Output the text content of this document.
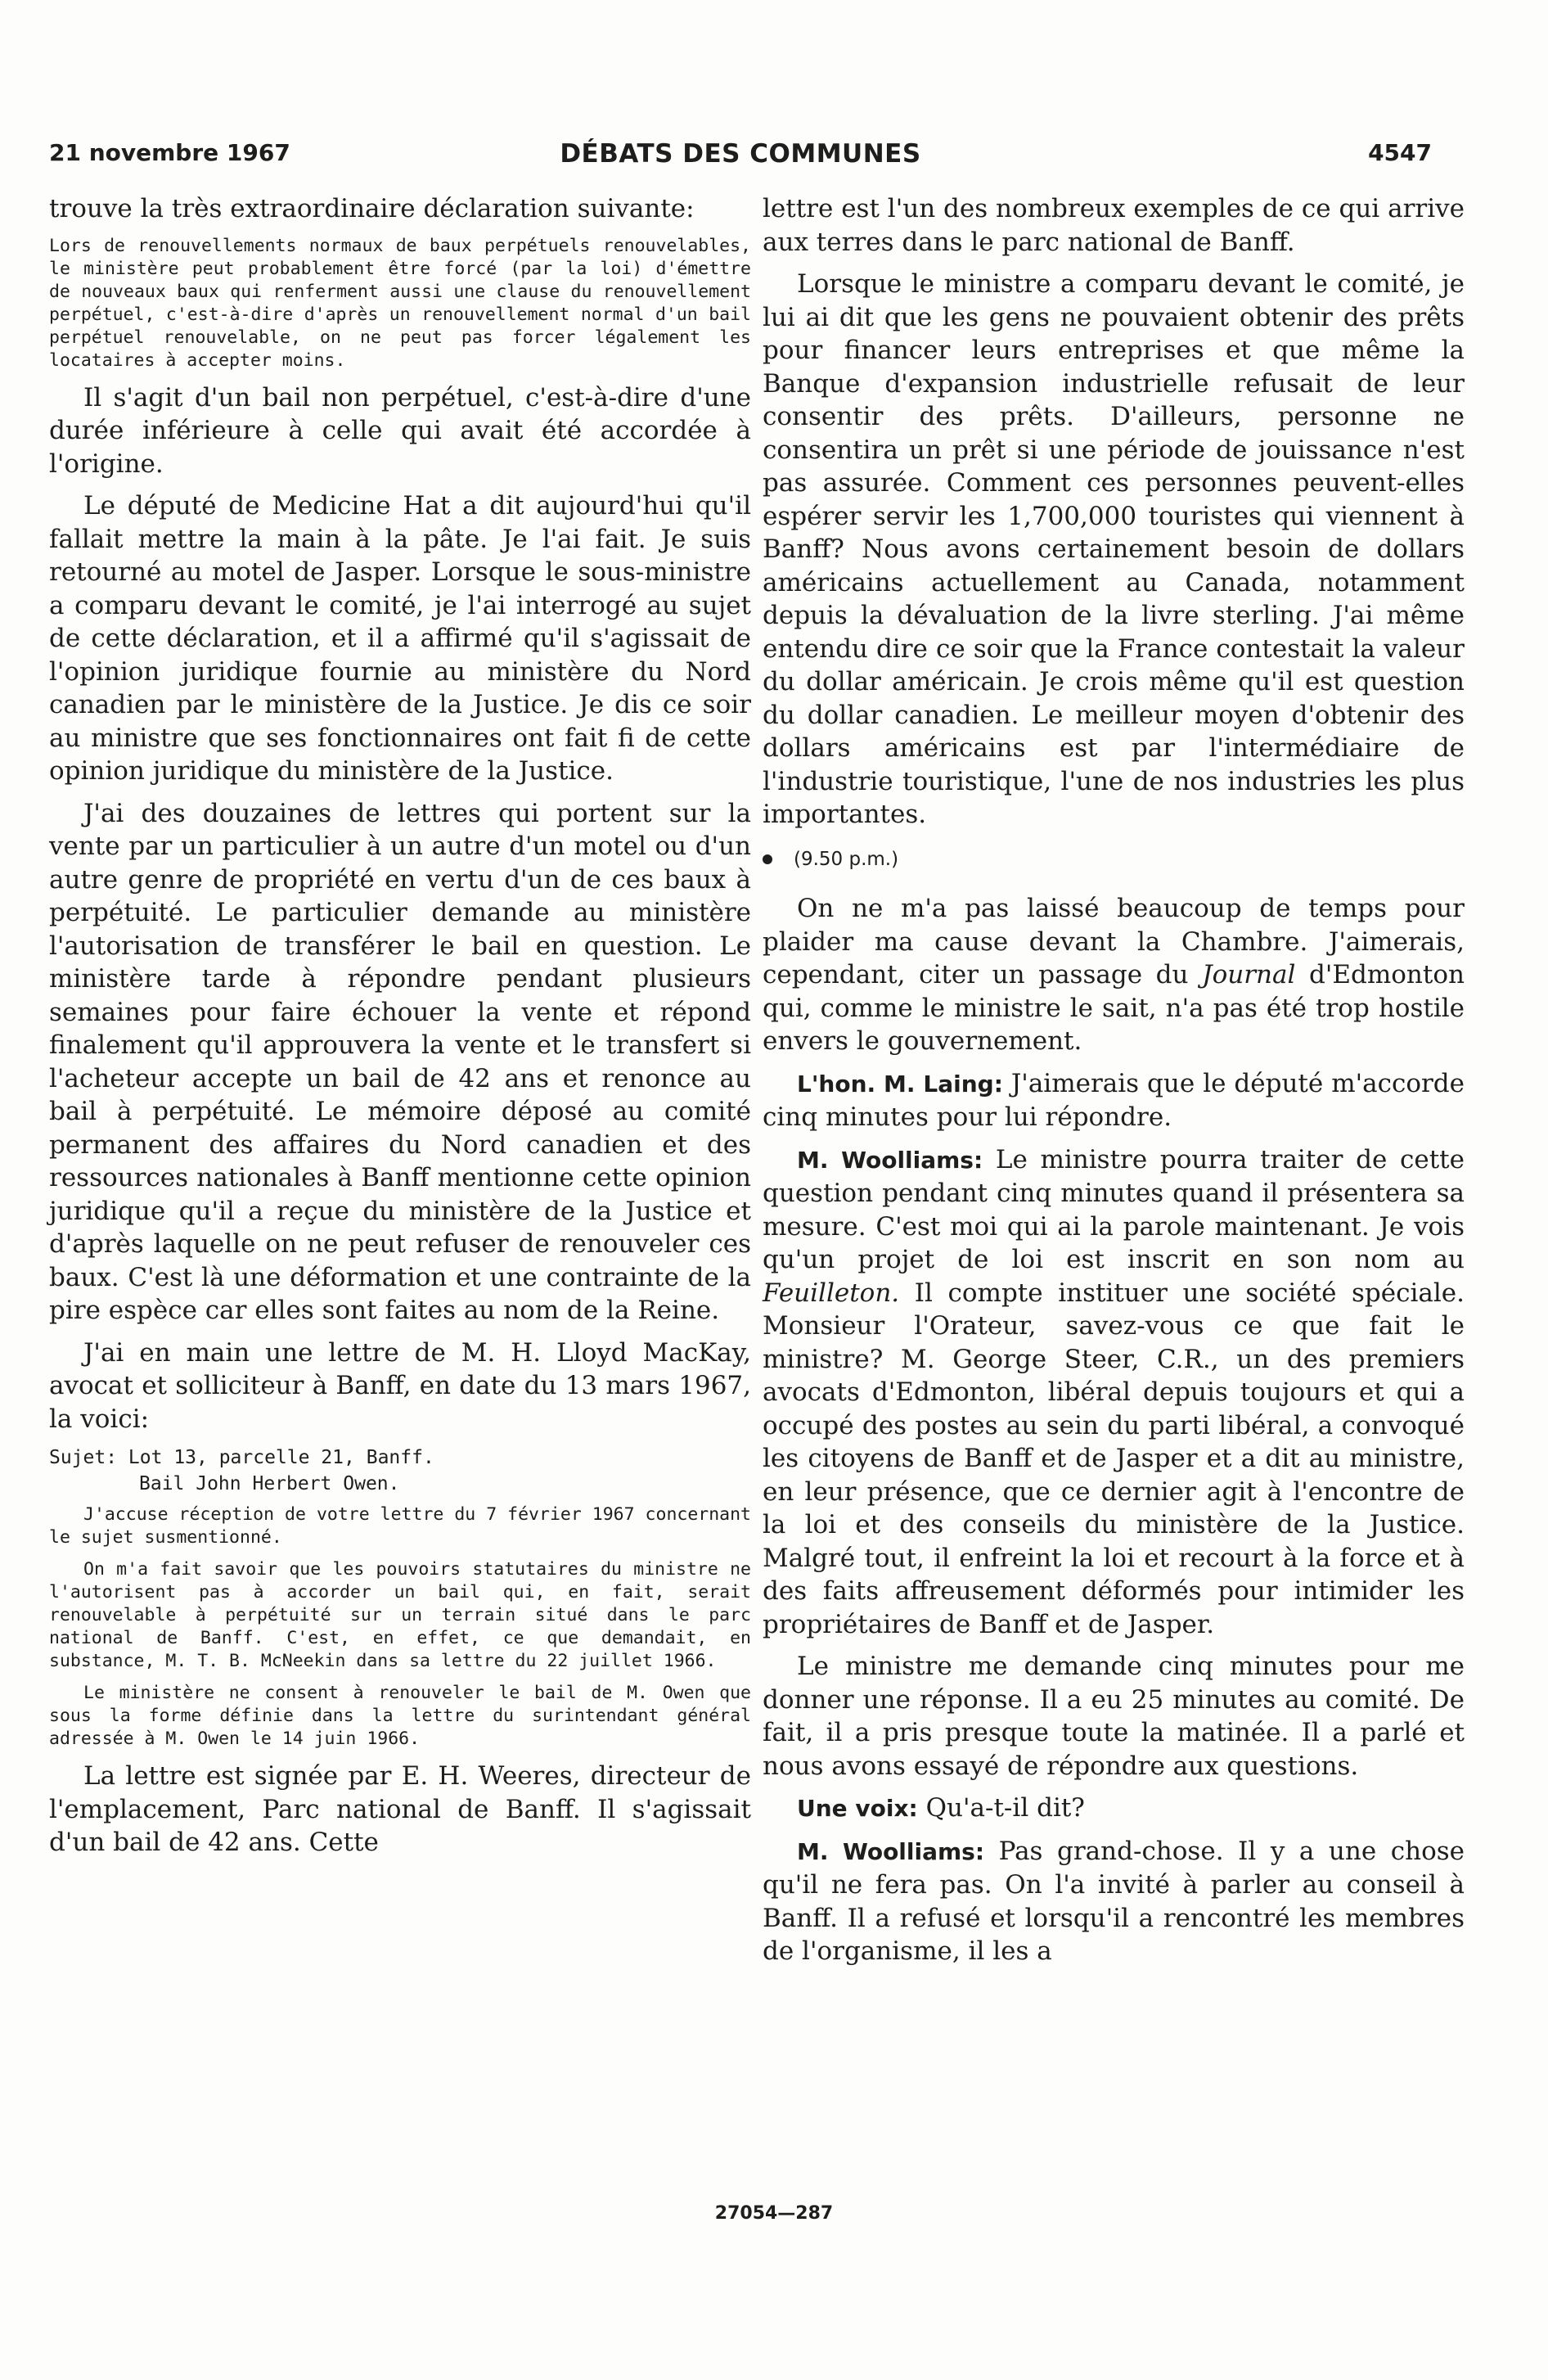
21 novembre 1967	DÉBATS DES COMMUNES	4547

trouve la très extraordinaire déclaration suivante:

Lors de renouvellements normaux de baux perpétuels renouvelables, le ministère peut probablement être forcé (par la loi) d'émettre de nouveaux baux qui renferment aussi une clause du renouvellement perpétuel, c'est-à-dire d'après un renouvellement normal d'un bail perpétuel renouvelable, on ne peut pas forcer légalement les locataires à accepter moins.

Il s'agit d'un bail non perpétuel, c'est-à-dire d'une durée inférieure à celle qui avait été accordée à l'origine.

Le député de Medicine Hat a dit aujourd'hui qu'il fallait mettre la main à la pâte. Je l'ai fait. Je suis retourné au motel de Jasper. Lorsque le sous-ministre a comparu devant le comité, je l'ai interrogé au sujet de cette déclaration, et il a affirmé qu'il s'agissait de l'opinion juridique fournie au ministère du Nord canadien par le ministère de la Justice. Je dis ce soir au ministre que ses fonctionnaires ont fait fi de cette opinion juridique du ministère de la Justice.

J'ai des douzaines de lettres qui portent sur la vente par un particulier à un autre d'un motel ou d'un autre genre de propriété en vertu d'un de ces baux à perpétuité. Le particulier demande au ministère l'autorisation de transférer le bail en question. Le ministère tarde à répondre pendant plusieurs semaines pour faire échouer la vente et répond finalement qu'il approuvera la vente et le transfert si l'acheteur accepte un bail de 42 ans et renonce au bail à perpétuité. Le mémoire déposé au comité permanent des affaires du Nord canadien et des ressources nationales à Banff mentionne cette opinion juridique qu'il a reçue du ministère de la Justice et d'après laquelle on ne peut refuser de renouveler ces baux. C'est là une déformation et une contrainte de la pire espèce car elles sont faites au nom de la Reine.

J'ai en main une lettre de M. H. Lloyd MacKay, avocat et solliciteur à Banff, en date du 13 mars 1967, la voici:

Sujet: Lot 13, parcelle 21, Banff.
Bail John Herbert Owen.

J'accuse réception de votre lettre du 7 février 1967 concernant le sujet susmentionné.

On m'a fait savoir que les pouvoirs statutaires du ministre ne l'autorisent pas à accorder un bail qui, en fait, serait renouvelable à perpétuité sur un terrain situé dans le parc national de Banff. C'est, en effet, ce que demandait, en substance, M. T. B. McNeekin dans sa lettre du 22 juillet 1966.

Le ministère ne consent à renouveler le bail de M. Owen que sous la forme définie dans la lettre du surintendant général adressée à M. Owen le 14 juin 1966.

La lettre est signée par E. H. Weeres, directeur de l'emplacement, Parc national de Banff. Il s'agissait d'un bail de 42 ans. Cette

lettre est l'un des nombreux exemples de ce qui arrive aux terres dans le parc national de Banff.

Lorsque le ministre a comparu devant le comité, je lui ai dit que les gens ne pouvaient obtenir des prêts pour financer leurs entreprises et que même la Banque d'expansion industrielle refusait de leur consentir des prêts. D'ailleurs, personne ne consentira un prêt si une période de jouissance n'est pas assurée. Comment ces personnes peuvent-elles espérer servir les 1,700,000 touristes qui viennent à Banff? Nous avons certainement besoin de dollars américains actuellement au Canada, notamment depuis la dévaluation de la livre sterling. J'ai même entendu dire ce soir que la France contestait la valeur du dollar américain. Je crois même qu'il est question du dollar canadien. Le meilleur moyen d'obtenir des dollars américains est par l'intermédiaire de l'industrie touristique, l'une de nos industries les plus importantes.

(9.50 p.m.)

On ne m'a pas laissé beaucoup de temps pour plaider ma cause devant la Chambre. J'aimerais, cependant, citer un passage du Journal d'Edmonton qui, comme le ministre le sait, n'a pas été trop hostile envers le gouvernement.

L'hon. M. Laing: J'aimerais que le député m'accorde cinq minutes pour lui répondre.

M. Woolliams: Le ministre pourra traiter de cette question pendant cinq minutes quand il présentera sa mesure. C'est moi qui ai la parole maintenant. Je vois qu'un projet de loi est inscrit en son nom au Feuilleton. Il compte instituer une société spéciale. Monsieur l'Orateur, savez-vous ce que fait le ministre? M. George Steer, C.R., un des premiers avocats d'Edmonton, libéral depuis toujours et qui a occupé des postes au sein du parti libéral, a convoqué les citoyens de Banff et de Jasper et a dit au ministre, en leur présence, que ce dernier agit à l'encontre de la loi et des conseils du ministère de la Justice. Malgré tout, il enfreint la loi et recourt à la force et à des faits affreusement déformés pour intimider les propriétaires de Banff et de Jasper.

Le ministre me demande cinq minutes pour me donner une réponse. Il a eu 25 minutes au comité. De fait, il a pris presque toute la matinée. Il a parlé et nous avons essayé de répondre aux questions.

Une voix: Qu'a-t-il dit?

M. Woolliams: Pas grand-chose. Il y a une chose qu'il ne fera pas. On l'a invité à parler au conseil à Banff. Il a refusé et lorsqu'il a rencontré les membres de l'organisme, il les a

27054—287
